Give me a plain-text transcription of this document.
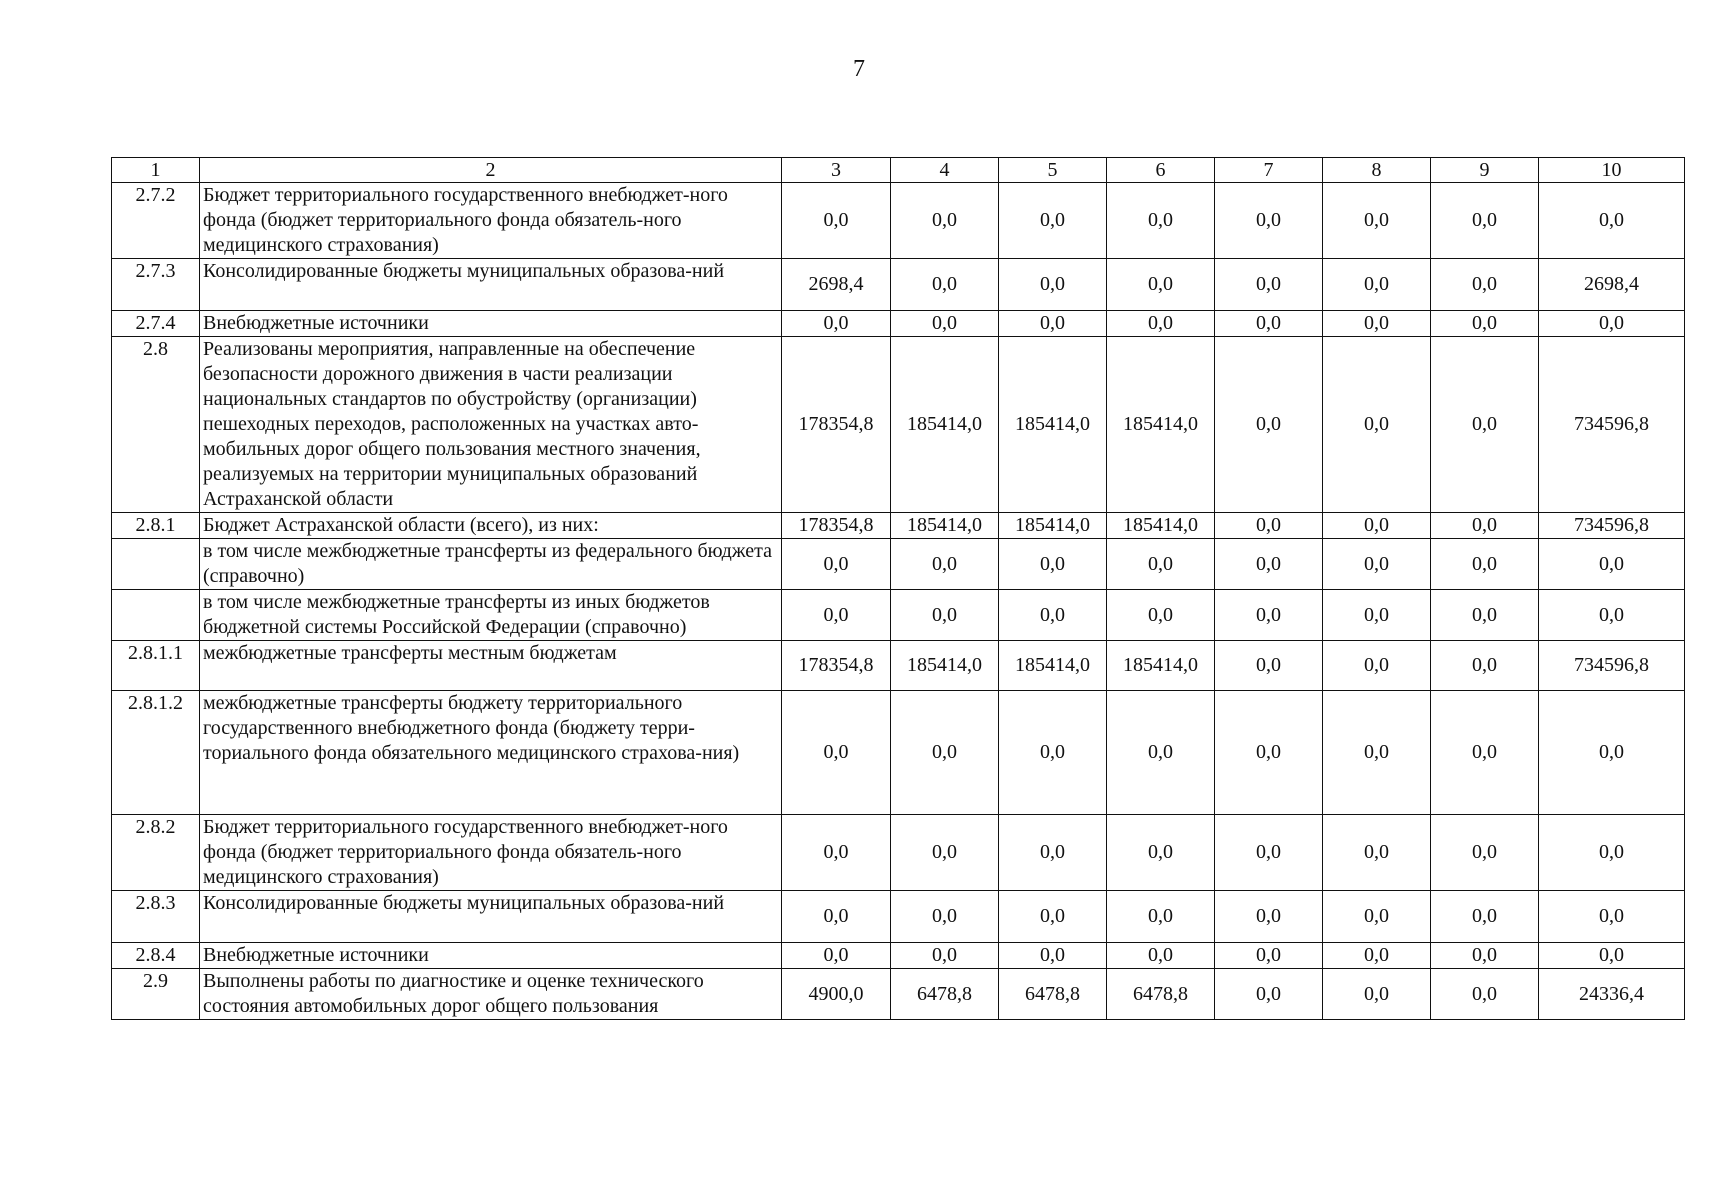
7
1	2	3	4	5	6	7	8	9	10
2.7.2	Бюджет территориального государственного внебюджет-ного фонда (бюджет территориального фонда обязатель-ного медицинского страхования)	0,0	0,0	0,0	0,0	0,0	0,0	0,0	0,0
2.7.3	Консолидированные бюджеты муниципальных образова-ний	2698,4	0,0	0,0	0,0	0,0	0,0	0,0	2698,4
2.7.4	Внебюджетные источники	0,0	0,0	0,0	0,0	0,0	0,0	0,0	0,0
2.8	Реализованы мероприятия, направленные на обеспечение безопасности дорожного движения в части реализации национальных стандартов по обустройству (организации) пешеходных переходов, расположенных на участках авто-мобильных дорог общего пользования местного значения, реализуемых на территории муниципальных образований Астраханской области	178354,8	185414,0	185414,0	185414,0	0,0	0,0	0,0	734596,8
2.8.1	Бюджет Астраханской области (всего), из них:	178354,8	185414,0	185414,0	185414,0	0,0	0,0	0,0	734596,8
	в том числе межбюджетные трансферты из федерального бюджета (справочно)	0,0	0,0	0,0	0,0	0,0	0,0	0,0	0,0
	в том числе межбюджетные трансферты из иных бюджетов бюджетной системы Российской Федерации (справочно)	0,0	0,0	0,0	0,0	0,0	0,0	0,0	0,0
2.8.1.1	межбюджетные трансферты местным бюджетам	178354,8	185414,0	185414,0	185414,0	0,0	0,0	0,0	734596,8
2.8.1.2	межбюджетные трансферты бюджету территориального государственного внебюджетного фонда (бюджету терри-ториального фонда обязательного медицинского страхова-ния)	0,0	0,0	0,0	0,0	0,0	0,0	0,0	0,0
2.8.2	Бюджет территориального государственного внебюджет-ного фонда (бюджет территориального фонда обязатель-ного медицинского страхования)	0,0	0,0	0,0	0,0	0,0	0,0	0,0	0,0
2.8.3	Консолидированные бюджеты муниципальных образова-ний	0,0	0,0	0,0	0,0	0,0	0,0	0,0	0,0
2.8.4	Внебюджетные источники	0,0	0,0	0,0	0,0	0,0	0,0	0,0	0,0
2.9	Выполнены работы по диагностике и оценке технического состояния автомобильных дорог общего пользования	4900,0	6478,8	6478,8	6478,8	0,0	0,0	0,0	24336,4
